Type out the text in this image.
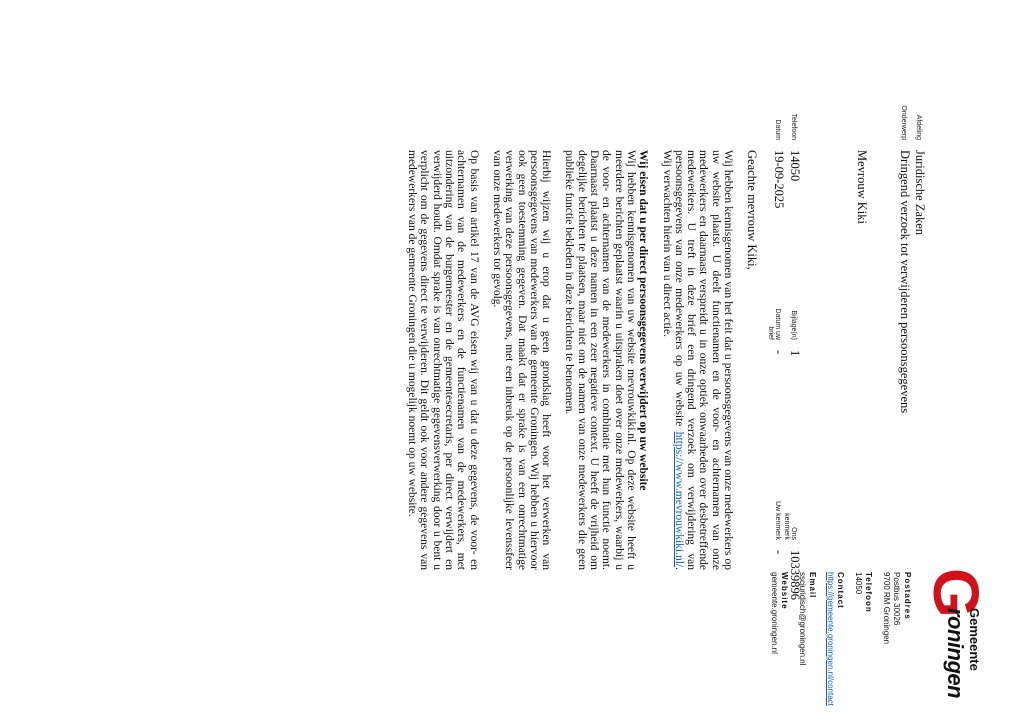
G
Gemeente
roningen
Postadres
Postbus 30026
9700 RM Groningen
Telefoon
14050
Contact
https://gemeente.groningen.nl/contact
Email
sscjuridisch@groningen.nl
Website
gemeente.groningen.nl
Afdeling
Juridische Zaken
Onderwerp
Dringend verzoek tot verwijderen persoonsgegevens
Mevrouw Kiki
Telefoon
14050
Bijlage(n)
1
Ons kenmerk
10339896
Datum
19-09-2025
Datum uw brief
-
Uw kenmerk
-
Geachte mevrouw Kiki,

Wij hebben kennisgenomen van het feit dat u persoonsgegevens van onze medewerkers op uw website plaatst. U deelt functienamen en de voor- en achternamen van onze medewerkers en daarnaast verspreidt u in onze optiek onwaarheden over desbetreffende medewerkers. U treft in deze brief een dringend verzoek om verwijdering van persoonsgegevens van onze medewerkers op uw website https://www.mevrouwkiki.nl/. Wij verwachten hierin van u direct actie.

Wij eisen dat u per direct persoonsgegevens verwijdert op uw website
Wij hebben kennisgenomen van uw website mevrouwkiki.nl. Op deze website heeft u meerdere berichten geplaatst waarin u uitspraken doet over onze medewerkers, waarbij u de voor- en achternamen van de medewerkers in combinatie met hun functie noemt. Daarnaast plaatst u deze namen in een zeer negatieve context. U heeft de vrijheid om degelijke berichten te plaatsen, maar niet om de namen van onze medewerkers die geen publieke functie bekleden in deze berichten te benoemen.

Hierbij wijzen wij u erop dat u geen grondslag heeft voor het verwerken van persoonsgegevens van medewerkers van de gemeente Groningen. Wij hebben u hiervoor ook geen toestemming gegeven. Dat maakt dat er sprake is van een onrechtmatige verwerking van deze persoonsgegevens, met een inbreuk op de persoonlijke levenssfeer van onze medewerkers tot gevolg.

Op basis van artikel 17 van de AVG eisen wij van u dat u deze gegevens, de voor- en achternamen van de medewerkers en de functienamen van de medewerkers, met uitzondering van de burgemeester en de gemeentesecretaris, per direct verwijdert en verwijderd houdt. Omdat sprake is van onrechtmatige gegevensverwerking door u bent u verplicht om de gegevens direct te verwijderen. Dit geldt ook voor andere gegevens van medewerkers van de gemeente Groningen die u mogelijk noemt op uw website.
